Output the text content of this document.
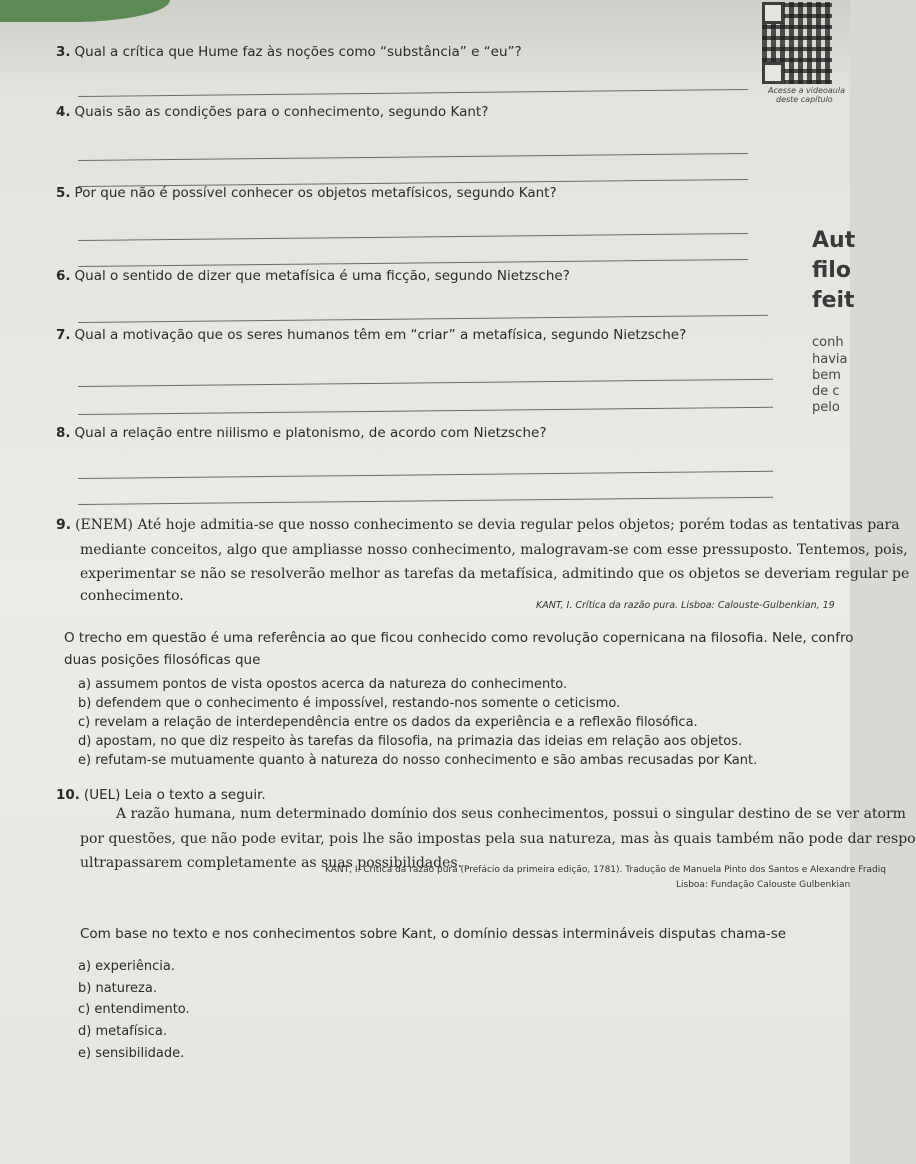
Acesse a videoaula
deste capítulo
Aut
filo
feit
conh
havia
bem
de c
pelo
3. Qual a crítica que Hume faz às noções como “substância” e “eu”?
4. Quais são as condições para o conhecimento, segundo Kant?
5. Por que não é possível conhecer os objetos metafísicos, segundo Kant?
6. Qual o sentido de dizer que metafísica é uma ficção, segundo Nietzsche?
7. Qual a motivação que os seres humanos têm em “criar” a metafísica, segundo Nietzsche?
8. Qual a relação entre niilismo e platonismo, de acordo com Nietzsche?
9. (ENEM) Até hoje admitia-se que nosso conhecimento se devia regular pelos objetos; porém todas as tentativas para
mediante conceitos, algo que ampliasse nosso conhecimento, malogravam-se com esse pressuposto. Tentemos, pois,
experimentar se não se resolverão melhor as tarefas da metafísica, admitindo que os objetos se deveriam regular pe
conhecimento.
KANT, I. Crítica da razão pura. Lisboa: Calouste-Gulbenkian, 19
O trecho em questão é uma referência ao que ficou conhecido como revolução copernicana na filosofia. Nele, confro
duas posições filosóficas que
a) assumem pontos de vista opostos acerca da natureza do conhecimento.
b) defendem que o conhecimento é impossível, restando-nos somente o ceticismo.
c) revelam a relação de interdependência entre os dados da experiência e a reflexão filosófica.
d) apostam, no que diz respeito às tarefas da filosofia, na primazia das ideias em relação aos objetos.
e) refutam-se mutuamente quanto à natureza do nosso conhecimento e são ambas recusadas por Kant.
10. (UEL) Leia o texto a seguir.
A razão humana, num determinado domínio dos seus conhecimentos, possui o singular destino de se ver atorm
por questões, que não pode evitar, pois lhe são impostas pela sua natureza, mas às quais também não pode dar respo
ultrapassarem completamente as suas possibilidades.
KANT, I. Crítica da razão pura (Prefácio da primeira edição, 1781). Tradução de Manuela Pinto dos Santos e Alexandre Fradiq
Lisboa: Fundação Calouste Gulbenkian
Com base no texto e nos conhecimentos sobre Kant, o domínio dessas intermináveis disputas chama-se
a) experiência.
b) natureza.
c) entendimento.
d) metafísica.
e) sensibilidade.
